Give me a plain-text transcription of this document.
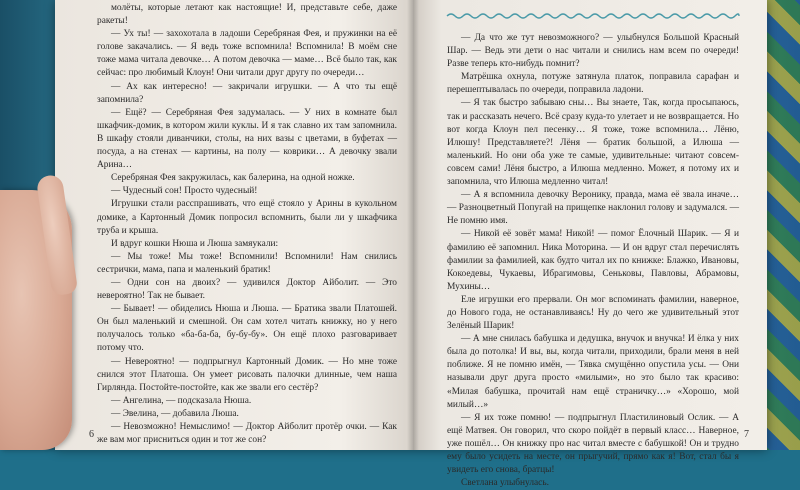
молёты, которые летают как настоящие! И, представьте себе, даже ракеты!

— Ух ты! — захохотала в ладоши Серебряная Фея, и пружинки на её голове закачались. — Я ведь тоже вспомнила! Вспомнила! В моём сне тоже мама читала девочке… А потом девочка — маме… Всё было так, как сейчас: про любимый Клоун! Они читали друг другу по очереди…

— Ах как интересно! — закричали игрушки. — А что ты ещё запомнила?

— Ещё? — Серебряная Фея задумалась. — У них в комнате был шкафчик-домик, в котором жили куклы. И я так славно их там запомнила. В шкафу стояли диванчики, столы, на них вазы с цветами, в буфетах — посуда, а на стенах — картины, на полу — коврики… А девочку звали Арина…

Серебряная Фея закружилась, как балерина, на одной ножке.

— Чудесный сон! Просто чудесный!

Игрушки стали расспрашивать, что ещё стояло у Арины в кукольном домике, а Картонный Домик попросил вспомнить, были ли у шкафчика труба и крыша.

И вдруг кошки Нюша и Люша замяукали:

— Мы тоже! Мы тоже! Вспомнили! Вспомнили! Нам снились сестрички, мама, папа и маленький братик!

— Одни сон на двоих? — удивился Доктор Айболит. — Это невероятно! Так не бывает.

— Бывает! — обиделись Нюша и Люша. — Братика звали Платошей. Он был маленький и смешной. Он сам хотел читать книжку, но у него получалось только «ба-ба-ба, бу-бу-бу». Он ещё плохо разговаривает потому что.

— Невероятно! — подпрыгнул Картонный Домик. — Но мне тоже снился этот Платоша. Он умеет рисовать палочки длинные, чем наша Гирлянда. Постойте-постойте, как же звали его сестёр?

— Ангелина, — подсказала Нюша.

— Эвелина, — добавила Люша.

— Невозможно! Немыслимо! — Доктор Айболит протёр очки. — Как же вам мог присниться один и тот же сон?

6

— Да что же тут невозможного? — улыбнулся Большой Красный Шар. — Ведь эти дети о нас читали и снились нам всем по очереди! Разве теперь кто-нибудь помнит?

Матрёшка охнула, потуже затянула платок, поправила сарафан и перешептывалась по очереди, поправила ладони.

— Я так быстро забываю сны… Вы знаете, Так, когда просыпаюсь, так и рассказать нечего. Всё сразу куда-то улетает и не возвращается. Но вот когда Клоун пел песенку… Я тоже, тоже вспомнила… Лёню, Илюшу! Представляете?! Лёня — братик большой, а Илюша — маленький. Но они оба уже те самые, удивительные: читают совсем-совсем сами! Лёня быстро, а Илюша медленно. Может, я потому их и запомнила, что Илюша медленно читал!

— А я вспомнила девочку Веронику, правда, мама её звала иначе… — Разноцветный Попугай на прищепке наклонил голову и задумался. — Не помню имя.

— Никой её зовёт мама! Никой! — помог Ёлочный Шарик. — Я и фамилию её запомнил. Ника Моторина. — И он вдруг стал перечислять фамилии за фамилией, как будто читал их по книжке: Блажко, Ивановы, Кокоедевы, Чукаевы, Ибрагимовы, Сеньковы, Павловы, Абрамовы, Мухины…

Еле игрушки его прервали. Он мог вспоминать фамилии, наверное, до Нового года, не останавливаясь! Ну до чего же удивительный этот Зелёный Шарик!

— А мне снилась бабушка и дедушка, внучок и внучка! И ёлка у них была до потолка! И вы, вы, когда читали, приходили, брали меня в ней поближе. Я не помню имён, — Тявка смущённо опустила усы. — Они называли друг друга просто «милыми», но это было так красиво: «Милая бабушка, прочитай нам ещё страничку…» «Хорошо, мой милый…»

— Я их тоже помню! — подпрыгнул Пластилиновый Ослик. — А ещё Матвея. Он говорил, что скоро пойдёт в первый класс… Наверное, уже пошёл… Он книжку про нас читал вместе с бабушкой! Он и трудно ему было усидеть на месте, он прыгучий, прямо как я! Вот, стал бы я увидеть его снова, братцы!

Светлана улыбнулась.

7
